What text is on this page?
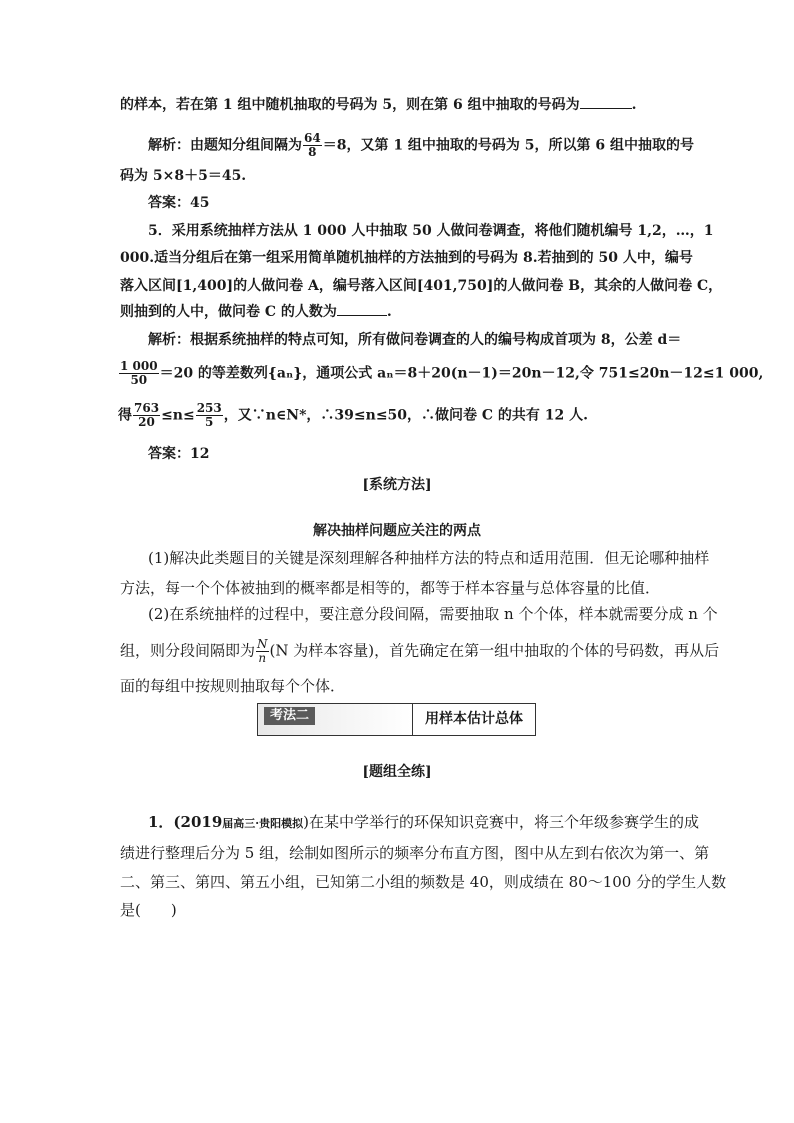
的样本，若在第 1 组中随机抽取的号码为 5，则在第 6 组中抽取的号码为	.
解析：由题知分组间隔为 $\frac{64}{8} =8$，又第 1 组中抽取的号码为 5，所以第 6 组中抽取的号
码为 5×8＋5＝45.
答案：45
5．采用系统抽样方法从 1 000 人中抽取 50 人做问卷调查，将他们随机编号 1,2，…，1
000.适当分组后在第一组采用简单随机抽样的方法抽到的号码为 8.若抽到的 50 人中，编号
落入区间[1,400]的人做问卷 A，编号落入区间[401,750]的人做问卷 B，其余的人做问卷 C，
则抽到的人中，做问卷 C 的人数为	.
解析：根据系统抽样的特点可知，所有做问卷调查的人的编号构成首项为 8，公差 d＝
$\frac{1 000}{50} =20$ 的等差数列{aₙ}，通项公式 aₙ＝8＋20(n－1)＝20n－12,令 751≤20n－12≤1 000,
得 $\frac{763}{20} \le n\le \frac{253}{5}$ ，又∵n∈N*，∴39≤n≤50，∴做问卷 C 的共有 12 人.
答案：12
[系统方法]
解决抽样问题应关注的两点
(1)解决此类题目的关键是深刻理解各种抽样方法的特点和适用范围．但无论哪种抽样
方法，每一个个体被抽到的概率都是相等的，都等于样本容量与总体容量的比值．
(2)在系统抽样的过程中，要注意分段间隔，需要抽取 n 个个体，样本就需要分成 n 个
组，则分段间隔即为 $\frac{N}{n} (N$ 为样本容量)，首先确定在第一组中抽取的个体的号码数，再从后
面的每组中按规则抽取每个个体．
考法二	用样本估计总体
[题组全练]
1．(2019届高三·贵阳模拟)在某中学举行的环保知识竞赛中，将三个年级参赛学生的成
绩进行整理后分为 5 组，绘制如图所示的频率分布直方图，图中从左到右依次为第一、第
二、第三、第四、第五小组，已知第二小组的频数是 40，则成绩在 80～100 分的学生人数
是(　　)
